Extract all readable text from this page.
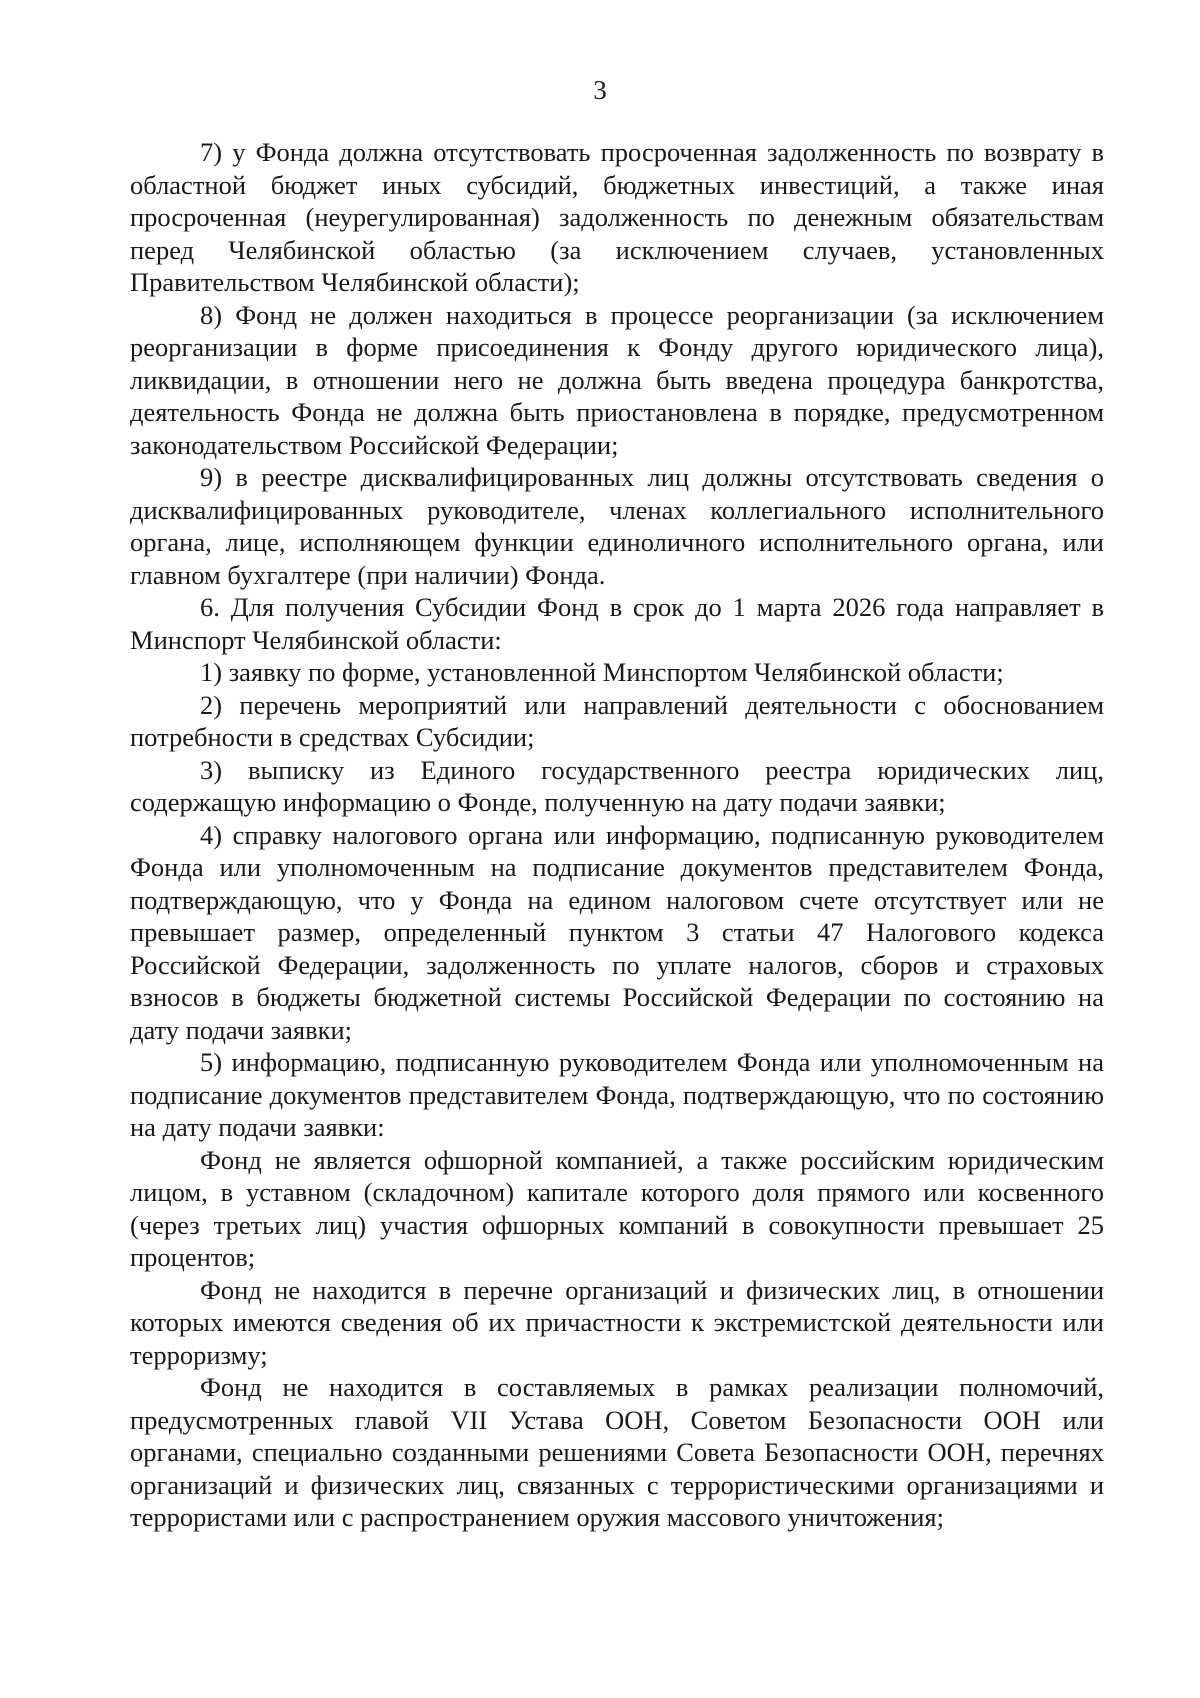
3

7) у Фонда должна отсутствовать просроченная задолженность по возврату в областной бюджет иных субсидий, бюджетных инвестиций, а также иная просроченная (неурегулированная) задолженность по денежным обязательствам перед Челябинской областью (за исключением случаев, установленных Правительством Челябинской области);

8) Фонд не должен находиться в процессе реорганизации (за исключением реорганизации в форме присоединения к Фонду другого юридического лица), ликвидации, в отношении него не должна быть введена процедура банкротства, деятельность Фонда не должна быть приостановлена в порядке, предусмотренном законодательством Российской Федерации;

9) в реестре дисквалифицированных лиц должны отсутствовать сведения о дисквалифицированных руководителе, членах коллегиального исполнительного органа, лице, исполняющем функции единоличного исполнительного органа, или главном бухгалтере (при наличии) Фонда.

6. Для получения Субсидии Фонд в срок до 1 марта 2026 года направляет в Минспорт Челябинской области:

1) заявку по форме, установленной Минспортом Челябинской области;

2) перечень мероприятий или направлений деятельности с обоснованием потребности в средствах Субсидии;

3) выписку из Единого государственного реестра юридических лиц, содержащую информацию о Фонде, полученную на дату подачи заявки;

4) справку налогового органа или информацию, подписанную руководителем Фонда или уполномоченным на подписание документов представителем Фонда, подтверждающую, что у Фонда на едином налоговом счете отсутствует или не превышает размер, определенный пунктом 3 статьи 47 Налогового кодекса Российской Федерации, задолженность по уплате налогов, сборов и страховых взносов в бюджеты бюджетной системы Российской Федерации по состоянию на дату подачи заявки;

5) информацию, подписанную руководителем Фонда или уполномоченным на подписание документов представителем Фонда, подтверждающую, что по состоянию на дату подачи заявки:

Фонд не является офшорной компанией, а также российским юридическим лицом, в уставном (складочном) капитале которого доля прямого или косвенного (через третьих лиц) участия офшорных компаний в совокупности превышает 25 процентов;

Фонд не находится в перечне организаций и физических лиц, в отношении которых имеются сведения об их причастности к экстремистской деятельности или терроризму;

Фонд не находится в составляемых в рамках реализации полномочий, предусмотренных главой VII Устава ООН, Советом Безопасности ООН или органами, специально созданными решениями Совета Безопасности ООН, перечнях организаций и физических лиц, связанных с террористическими организациями и террористами или с распространением оружия массового уничтожения;
